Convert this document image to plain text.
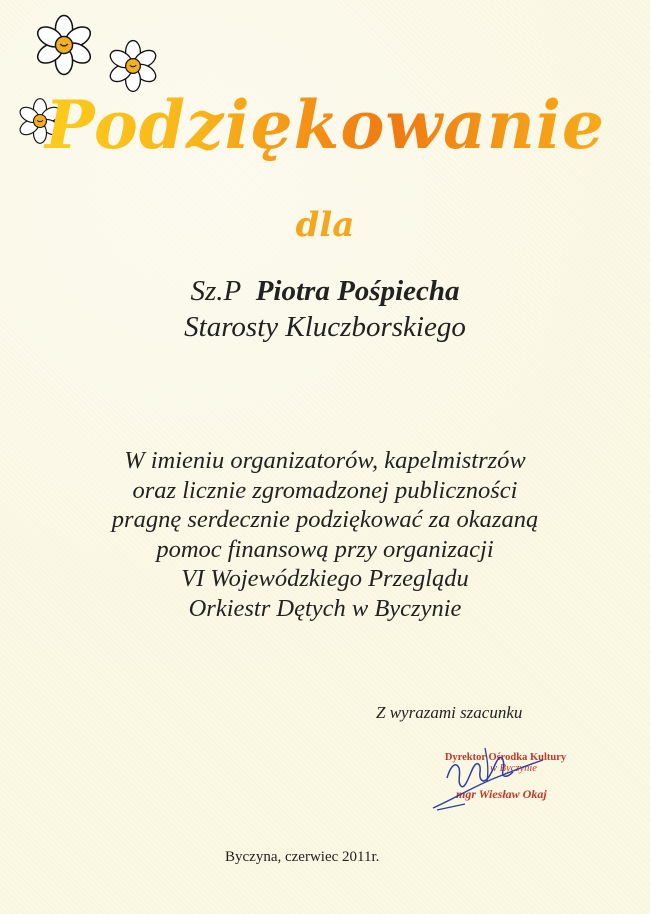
Podziękowanie
dla
Sz.P Piotra Pośpiecha
Starosty Kluczborskiego
W imieniu organizatorów, kapelmistrzów
oraz licznie zgromadzonej publiczności
pragnę serdecznie podziękować za okazaną
pomoc finansową przy organizacji
VI Wojewódzkiego Przeglądu
Orkiestr Dętych w Byczynie
Z wyrazami szacunku
Dyrektor Ośrodka Kultury
w Byczynie
mgr Wiesław Okaj
Byczyna, czerwiec 2011r.
